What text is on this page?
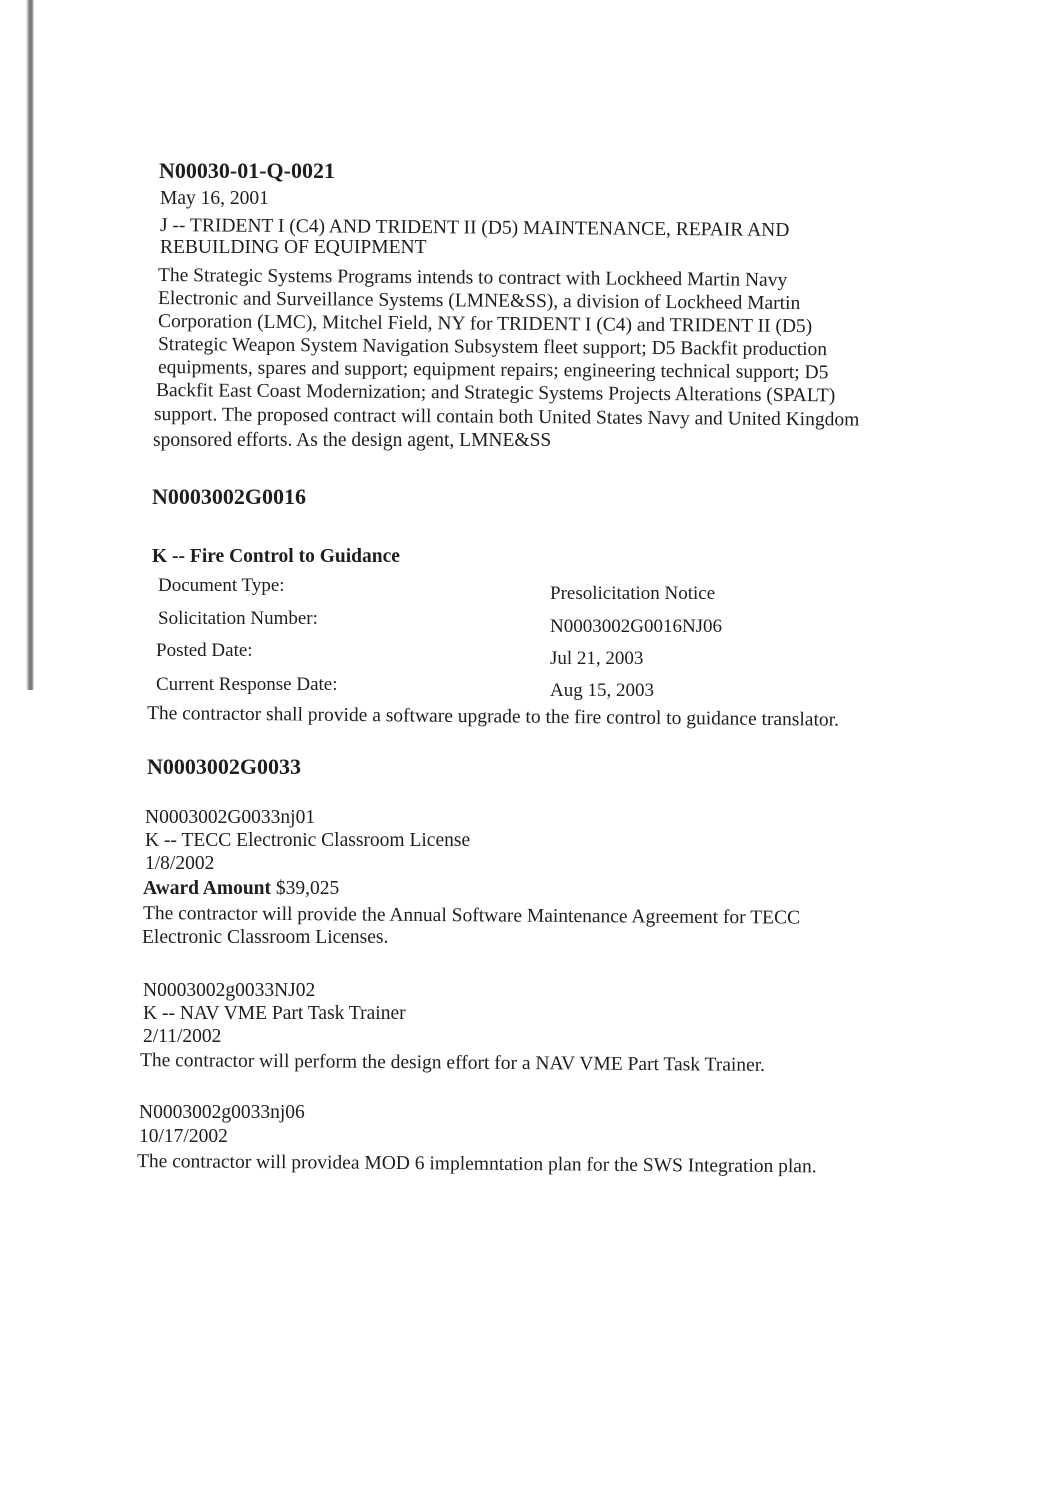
N00030-01-Q-0021
May 16, 2001
J -- TRIDENT I (C4) AND TRIDENT II (D5) MAINTENANCE, REPAIR AND
REBUILDING OF EQUIPMENT
The Strategic Systems Programs intends to contract with Lockheed Martin Navy
Electronic and Surveillance Systems (LMNE&SS), a division of Lockheed Martin
Corporation (LMC), Mitchel Field, NY for TRIDENT I (C4) and TRIDENT II (D5)
Strategic Weapon System Navigation Subsystem fleet support; D5 Backfit production
equipments, spares and support; equipment repairs; engineering technical support; D5
Backfit East Coast Modernization; and Strategic Systems Projects Alterations (SPALT)
support. The proposed contract will contain both United States Navy and United Kingdom
sponsored efforts. As the design agent, LMNE&SS
N0003002G0016
K -- Fire Control to Guidance
Document Type:	Presolicitation Notice
Solicitation Number:	N0003002G0016NJ06
Posted Date:	Jul 21, 2003
Current Response Date:	Aug 15, 2003
The contractor shall provide a software upgrade to the fire control to guidance translator.
N0003002G0033
N0003002G0033nj01
K -- TECC Electronic Classroom License
1/8/2002
Award Amount $39,025
The contractor will provide the Annual Software Maintenance Agreement for TECC
Electronic Classroom Licenses.
N0003002g0033NJ02
K -- NAV VME Part Task Trainer
2/11/2002
The contractor will perform the design effort for a NAV VME Part Task Trainer.
N0003002g0033nj06
10/17/2002
The contractor will providea MOD 6 implemntation plan for the SWS Integration plan.
